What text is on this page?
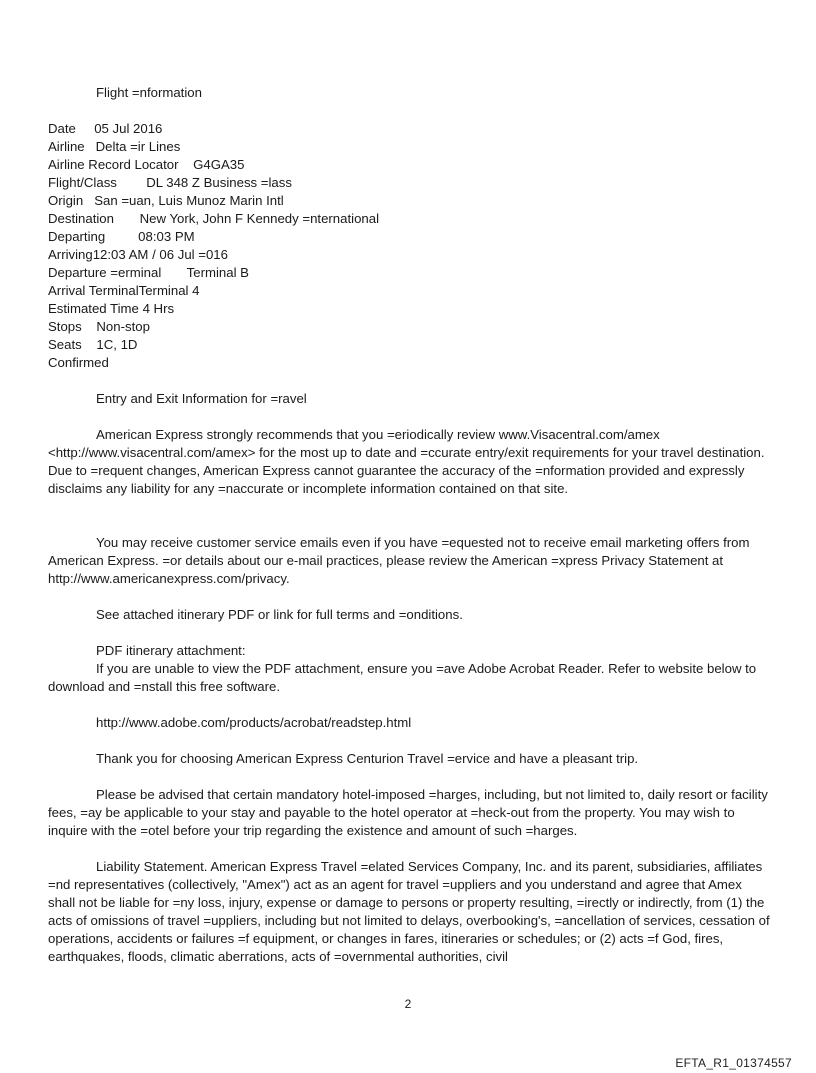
Flight =nformation
Date 05 Jul 2016
Airline Delta =ir Lines
Airline Record Locator G4GA35
Flight/Class DL 348 Z Business =lass
Origin San =uan, Luis Munoz Marin Intl
Destination New York, John F Kennedy =nternational
Departing 08:03 PM
Arriving12:03 AM / 06 Jul =016
Departure =erminal Terminal B
Arrival TerminalTerminal 4
Estimated Time 4 Hrs
Stops Non-stop
Seats 1C, 1D
Confirmed
Entry and Exit Information for =ravel

American Express strongly recommends that you =eriodically review www.Visacentral.com/amex <http://www.visacentral.com/amex> for the most up to date and =ccurate entry/exit requirements for your travel destination. Due to =requent changes, American Express cannot guarantee the accuracy of the =nformation provided and expressly disclaims any liability for any =naccurate or incomplete information contained on that site.

You may receive customer service emails even if you have =equested not to receive email marketing offers from American Express. =or details about our e-mail practices, please review the American =xpress Privacy Statement at http://www.americanexpress.com/privacy.

See attached itinerary PDF or link for full terms and =onditions.

PDF itinerary attachment:

If you are unable to view the PDF attachment, ensure you =ave Adobe Acrobat Reader. Refer to website below to download and =nstall this free software.

http://www.adobe.com/products/acrobat/readstep.html

Thank you for choosing American Express Centurion Travel =ervice and have a pleasant trip.

Please be advised that certain mandatory hotel-imposed =harges, including, but not limited to, daily resort or facility fees, =ay be applicable to your stay and payable to the hotel operator at =heck-out from the property. You may wish to inquire with the =otel before your trip regarding the existence and amount of such =harges.

Liability Statement. American Express Travel =elated Services Company, Inc. and its parent, subsidiaries, affiliates =nd representatives (collectively, "Amex") act as an agent for travel =uppliers and you understand and agree that Amex shall not be liable for =ny loss, injury, expense or damage to persons or property resulting, =irectly or indirectly, from (1) the acts of omissions of travel =uppliers, including but not limited to delays, overbooking's, =ancellation of services, cessation of operations, accidents or failures =f equipment, or changes in fares, itineraries or schedules; or (2) acts =f God, fires, earthquakes, floods, climatic aberrations, acts of =overnmental authorities, civil

2
EFTA_R1_01374557
